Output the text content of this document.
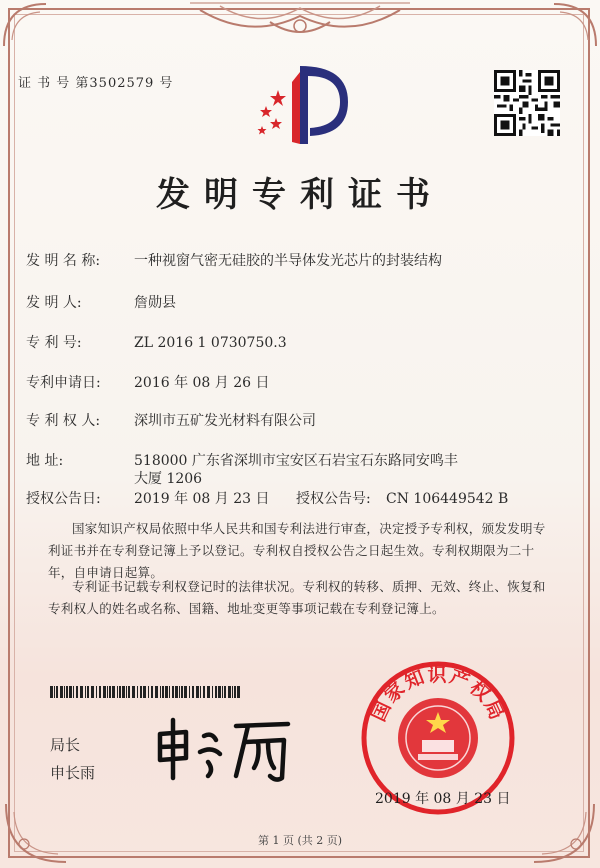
证 书 号 第3502579 号
发明专利证书
发 明 名 称: 一种视窗气密无硅胶的半导体发光芯片的封装结构
发 明 人:	詹勋县
专 利 号:	ZL 2016 1 0730750.3
专利申请日: 2016 年 08 月 26 日
专 利 权 人: 深圳市五矿发光材料有限公司
地 址:	518000 广东省深圳市宝安区石岩宝石东路同安鸣丰大厦 1206
授权公告日: 2019 年 08 月 23 日 授权公告号: CN 106449542 B
国家知识产权局依照中华人民共和国专利法进行审查，决定授予专利权，颁发发明专利证书并在专利登记簿上予以登记。专利权自授权公告之日起生效。专利权期限为二十年，自申请日起算。
专利证书记载专利权登记时的法律状况。专利权的转移、质押、无效、终止、恢复和专利权人的姓名或名称、国籍、地址变更等事项记载在专利登记簿上。
局长
申长雨
国家知识产权局
2019 年 08 月 23 日
第 1 页 (共 2 页)
